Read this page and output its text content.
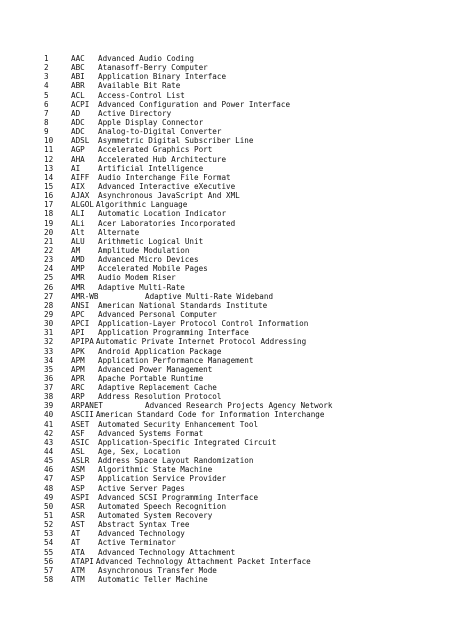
1	AAC Advanced Audio Coding
2	ABC Atanasoff-Berry Computer
3	ABI Application Binary Interface
4	ABR Available Bit Rate
5	ACL Access-Control List
6	ACPI Advanced Configuration and Power Interface
7	AD Active Directory
8	ADC Apple Display Connector
9	ADC Analog-to-Digital Converter
10 ADSL Asymmetric Digital Subscriber Line
11 AGP Accelerated Graphics Port
12 AHA Accelerated Hub Architecture
13 AI Artificial Intelligence
14 AIFF Audio Interchange File Format
15 AIX Advanced Interactive eXecutive
16 AJAX Asynchronous JavaScript And XML
17 ALGOL Algorithmic Language
18 ALI Automatic Location Indicator
19 ALi Acer Laboratories Incorporated
20 Alt Alternate
21 ALU Arithmetic Logical Unit
22 AM Amplitude Modulation
23 AMD Advanced Micro Devices
24 AMP Accelerated Mobile Pages
25 AMR Audio Modem Riser
26 AMR Adaptive Multi-Rate
27 AMR-WB	Adaptive Multi-Rate Wideband
28 ANSI American National Standards Institute
29 APC Advanced Personal Computer
30 APCI Application-Layer Protocol Control Information
31 API Application Programming Interface
32 APIPA Automatic Private Internet Protocol Addressing
33 APK Android Application Package
34 APM Application Performance Management
35 APM Advanced Power Management
36 APR Apache Portable Runtime
37 ARC Adaptive Replacement Cache
38 ARP Address Resolution Protocol
39 ARPANET	Advanced Research Projects Agency Network
40 ASCII American Standard Code for Information Interchange
41 ASET Automated Security Enhancement Tool
42 ASF Advanced Systems Format
43 ASIC Application-Specific Integrated Circuit
44 ASL Age, Sex, Location
45 ASLR Address Space Layout Randomization
46 ASM Algorithmic State Machine
47 ASP Application Service Provider
48 ASP Active Server Pages
49 ASPI Advanced SCSI Programming Interface
50 ASR Automated Speech Recognition
51 ASR Automated System Recovery
52 AST Abstract Syntax Tree
53 AT Advanced Technology
54 AT Active Terminator
55 ATA Advanced Technology Attachment
56 ATAPI Advanced Technology Attachment Packet Interface
57 ATM Asynchronous Transfer Mode
58 ATM Automatic Teller Machine
